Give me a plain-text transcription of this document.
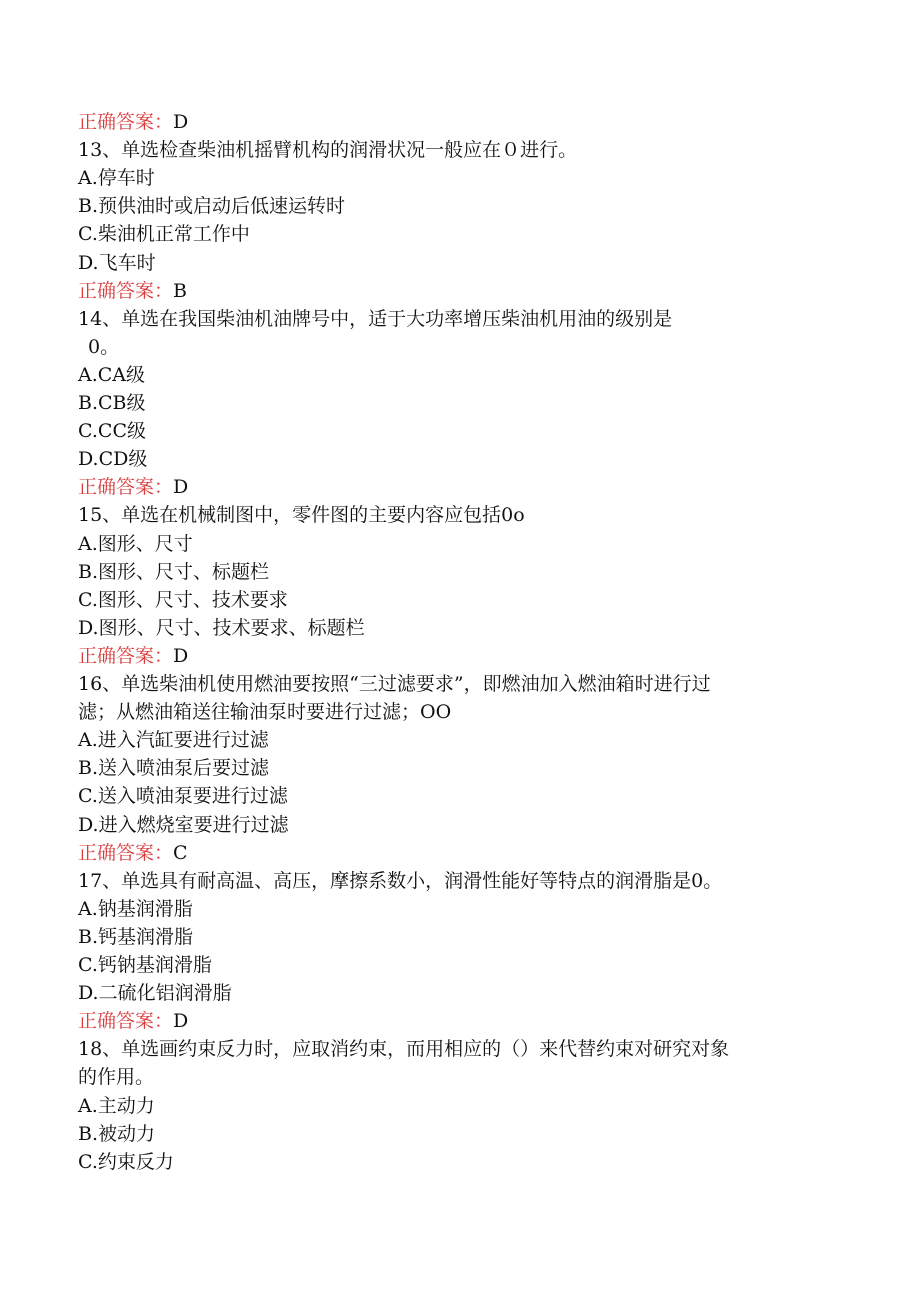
正确答案：D
13、单选检查柴油机摇臂机构的润滑状况一般应在０进行。
A.停车时
B.预供油时或启动后低速运转时
C.柴油机正常工作中
D.飞车时
正确答案：B
14、单选在我国柴油机油牌号中，适于大功率增压柴油机用油的级别是
0。
A.CA级
B.CB级
C.CC级
D.CD级
正确答案：D
15、单选在机械制图中，零件图的主要内容应包括0o
A.图形、尺寸
B.图形、尺寸、标题栏
C.图形、尺寸、技术要求
D.图形、尺寸、技术要求、标题栏
正确答案：D
16、单选柴油机使用燃油要按照“三过滤要求”，即燃油加入燃油箱时进行过
滤；从燃油箱送往输油泵时要进行过滤；OO
A.进入汽缸要进行过滤
B.送入喷油泵后要过滤
C.送入喷油泵要进行过滤
D.进入燃烧室要进行过滤
正确答案：C
17、单选具有耐高温、高压，摩擦系数小，润滑性能好等特点的润滑脂是0。
A.钠基润滑脂
B.钙基润滑脂
C.钙钠基润滑脂
D.二硫化铝润滑脂
正确答案：D
18、单选画约束反力时，应取消约束，而用相应的（）来代替约束对研究对象
的作用。
A.主动力
B.被动力
C.约束反力
